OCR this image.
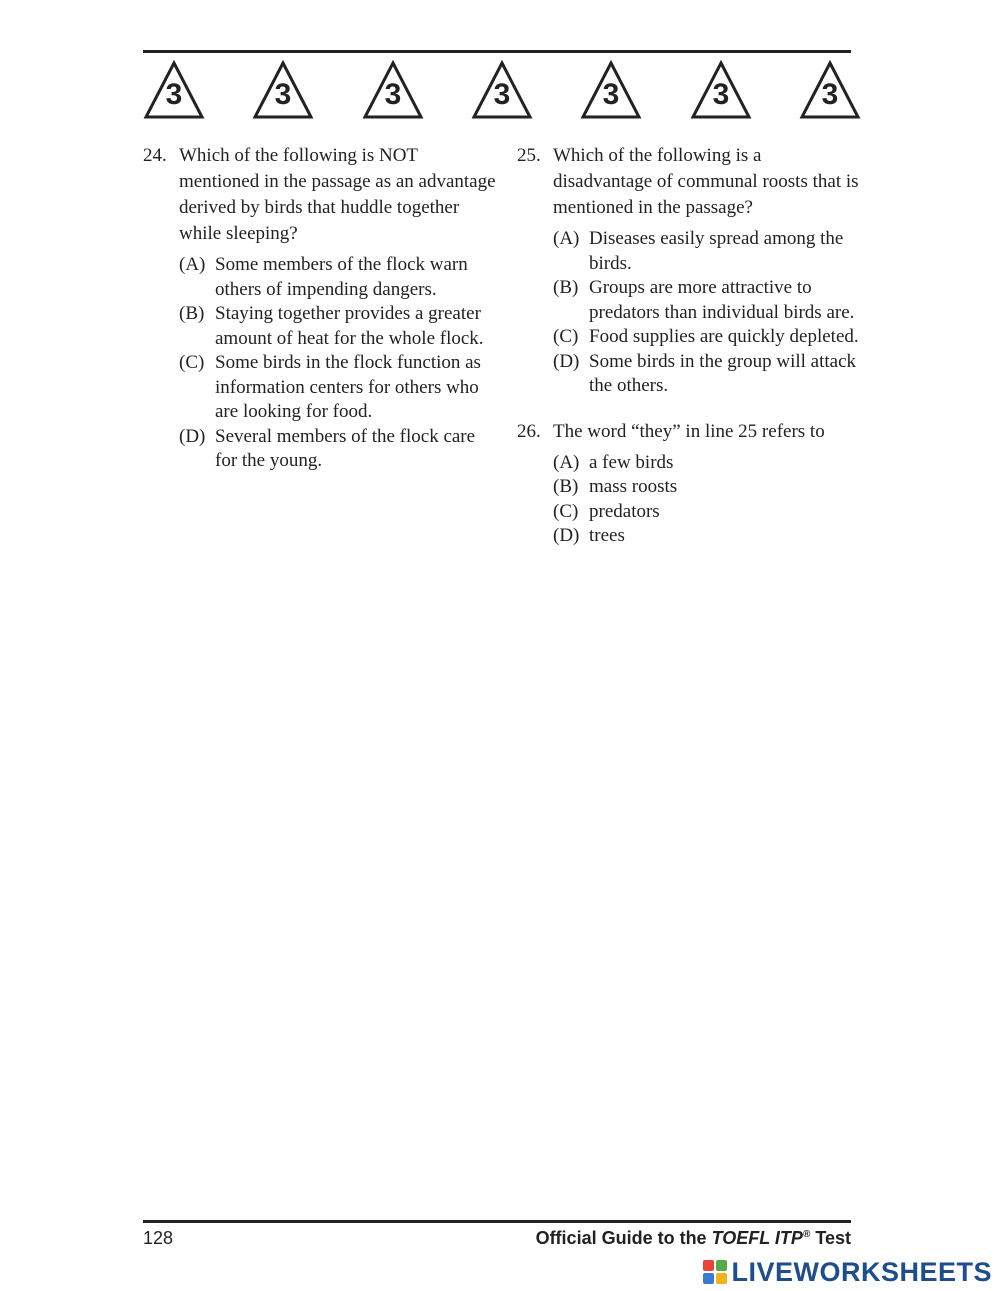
3	3	3	3	3	3	3
24. Which of the following is NOT mentioned in the passage as an advantage derived by birds that huddle together while sleeping?
(A) Some members of the flock warn others of impending dangers.
(B) Staying together provides a greater amount of heat for the whole flock.
(C) Some birds in the flock function as information centers for others who are looking for food.
(D) Several members of the flock care for the young.
25. Which of the following is a disadvantage of communal roosts that is mentioned in the passage?
(A) Diseases easily spread among the birds.
(B) Groups are more attractive to predators than individual birds are.
(C) Food supplies are quickly depleted.
(D) Some birds in the group will attack the others.
26. The word “they” in line 25 refers to
(A) a few birds
(B) mass roosts
(C) predators
(D) trees
128	Official Guide to the TOEFL ITP® Test
LIVEWORKSHEETS
